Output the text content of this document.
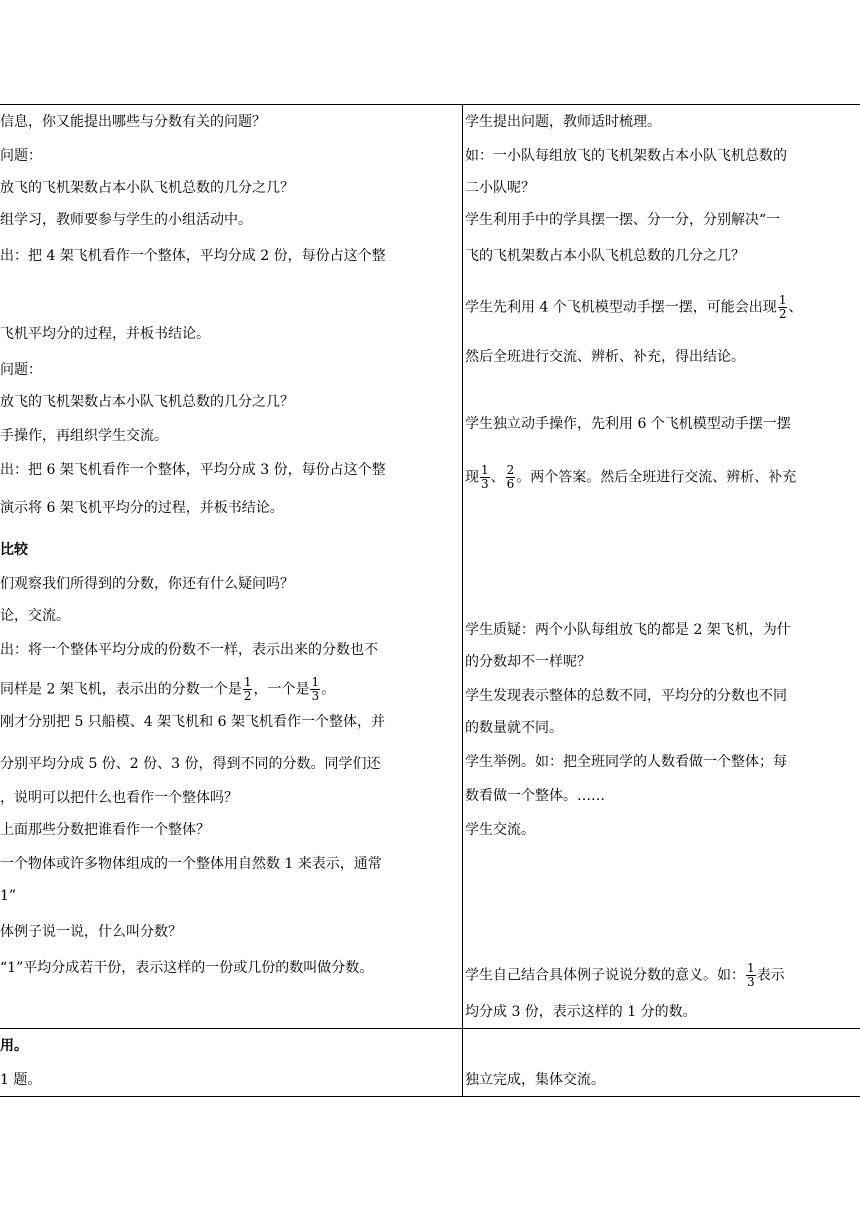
信息，你又能提出哪些与分数有关的问题？
问题：
放飞的飞机架数占本小队飞机总数的几分之几？
组学习，教师要参与学生的小组活动中。
出：把 4 架飞机看作一个整体，平均分成 2 份，每份占这个整
飞机平均分的过程，并板书结论。
问题：
放飞的飞机架数占本小队飞机总数的几分之几？
手操作，再组织学生交流。
出：把 6 架飞机看作一个整体，平均分成 3 份，每份占这个整
演示将 6 架飞机平均分的过程，并板书结论。
比较
们观察我们所得到的分数，你还有什么疑问吗？
论，交流。
出：将一个整体平均分成的份数不一样，表示出来的分数也不
同样是 2 架飞机，表示出的分数一个是 $\frac{1}{2}$ ，一个是 $\frac{1}{3}$ 。
刚才分别把 5 只船模、4 架飞机和 6 架飞机看作一个整体，并
分别平均分成 5 份、2 份、3 份，得到不同的分数。同学们还
，说明可以把什么也看作一个整体吗？
上面那些分数把谁看作一个整体？
一个物体或许多物体组成的一个整体用自然数 1 来表示，通常
1”
体例子说一说，什么叫分数？
“1”平均分成若干份，表示这样的一份或几份的数叫做分数。
用。
1 题。
学生提出问题，教师适时梳理。
如：一小队每组放飞的飞机架数占本小队飞机总数的
二小队呢？
学生利用手中的学具摆一摆、分一分，分别解决“一
飞的飞机架数占本小队飞机总数的几分之几？
学生先利用 4 个飞机模型动手摆一摆，可能会出现 $\frac{1}{2}$ 、
然后全班进行交流、辨析、补充，得出结论。
学生独立动手操作，先利用 6 个飞机模型动手摆一摆
现 $\frac{1}{3}$ 、 $\frac{2}{6}$ 。两个答案。然后全班进行交流、辨析、补充
学生质疑：两个小队每组放飞的都是 2 架飞机，为什
的分数却不一样呢？
学生发现表示整体的总数不同，平均分的分数也不同
的数量就不同。
学生举例。如：把全班同学的人数看做一个整体；每
数看做一个整体。……
学生交流。
学生自己结合具体例子说说分数的意义。如： $\frac{1}{3}$ 表示
均分成 3 份，表示这样的 1 分的数。
独立完成，集体交流。
